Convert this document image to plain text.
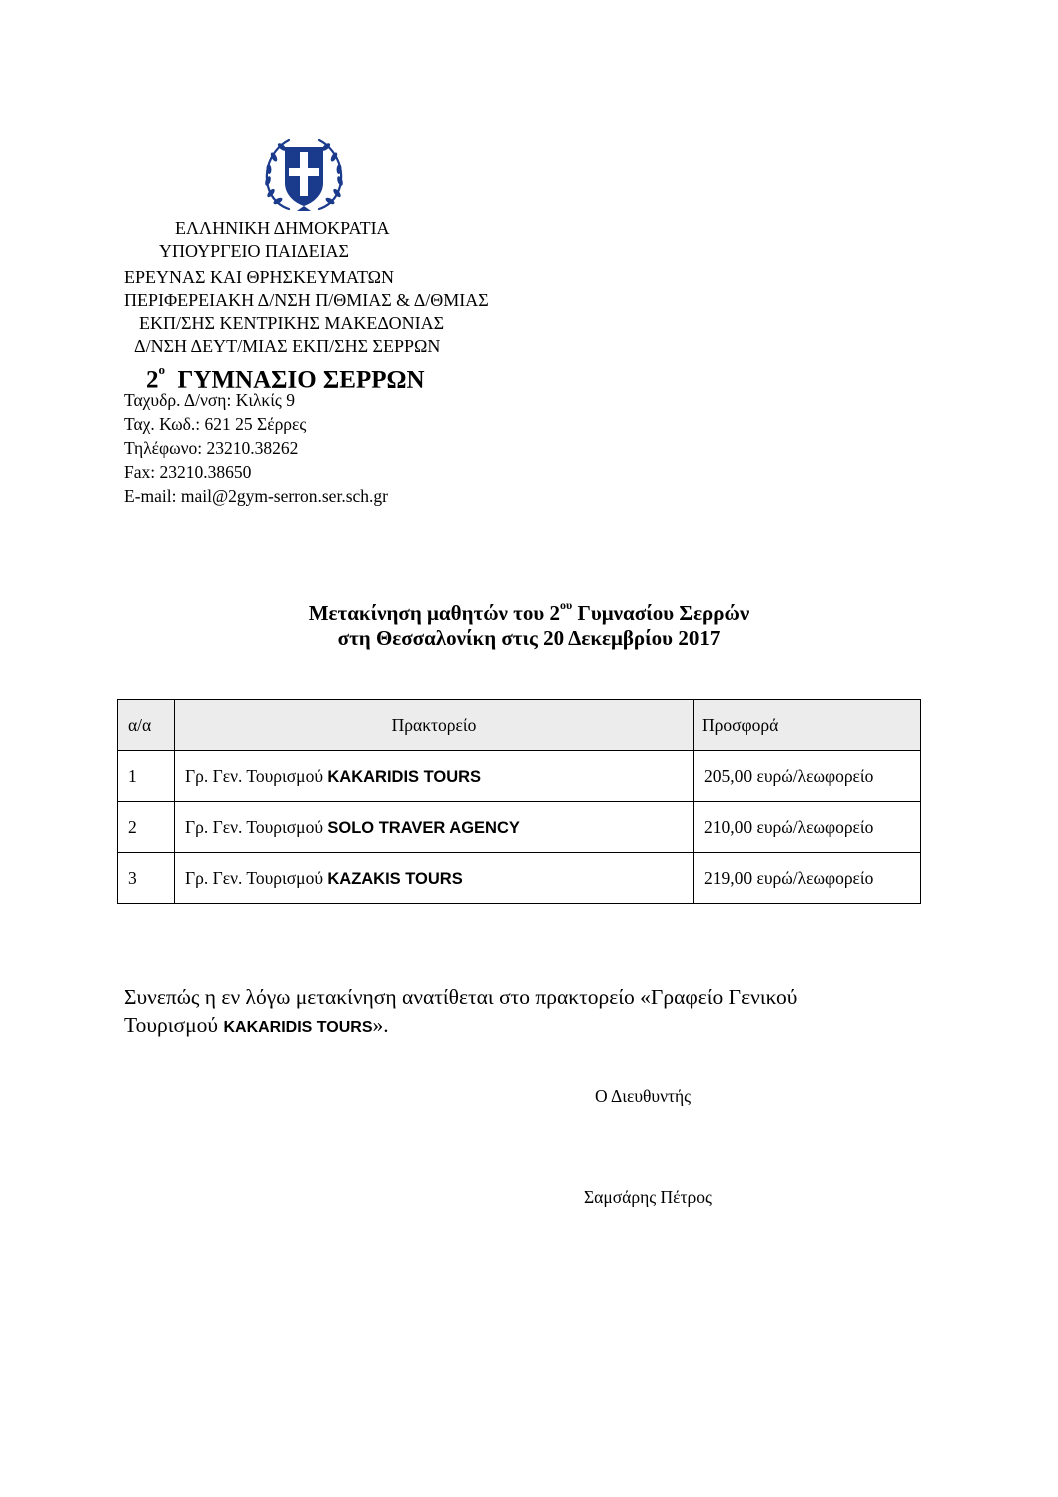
ΕΛΛΗΝΙΚΗ ΔΗΜΟΚΡΑΤΙΑ
ΥΠΟΥΡΓΕΙΟ ΠΑΙΔΕΙΑΣ
ΕΡΕΥΝΑΣ ΚΑΙ ΘΡΗΣΚΕΥΜΑΤΩΝ
ΠΕΡΙΦΕΡΕΙΑΚΗ Δ/ΝΣΗ Π/ΘΜΙΑΣ & Δ/ΘΜΙΑΣ
ΕΚΠ/ΣΗΣ ΚΕΝΤΡΙΚΗΣ ΜΑΚΕΔΟΝΙΑΣ
Δ/ΝΣΗ ΔΕΥΤ/ΜΙΑΣ ΕΚΠ/ΣΗΣ ΣΕΡΡΩΝ
$2^o$ ΓΥΜΝΑΣΙΟ ΣΕΡΡΩΝ
Ταχυδρ. Δ/νση: Κιλκίς 9
Ταχ. Κωδ.: 621 25 Σέρρες
Τηλέφωνο: 23210.38262
Fax: 23210.38650
E-mail: mail@2gym-serron.ser.sch.gr
Μετακίνηση μαθητών του $2^{o\upsilon}$ Γυμνασίου Σερρών
στη Θεσσαλονίκη στις 20 Δεκεμβρίου 2017
α/α	Πρακτορείο	Προσφορά
1	Γρ. Γεν. Τουρισμού KAKARIDIS TOURS	205,00 ευρώ/λεωφορείο
2	Γρ. Γεν. Τουρισμού SOLO TRAVER AGENCY	210,00 ευρώ/λεωφορείο
3	Γρ. Γεν. Τουρισμού KAZAKIS TOURS	219,00 ευρώ/λεωφορείο
Συνεπώς η εν λόγω μετακίνηση ανατίθεται στο πρακτορείο «Γραφείο Γενικού
Τουρισμού KAKARIDIS TOURS».
Ο Διευθυντής
Σαμσάρης Πέτρος
